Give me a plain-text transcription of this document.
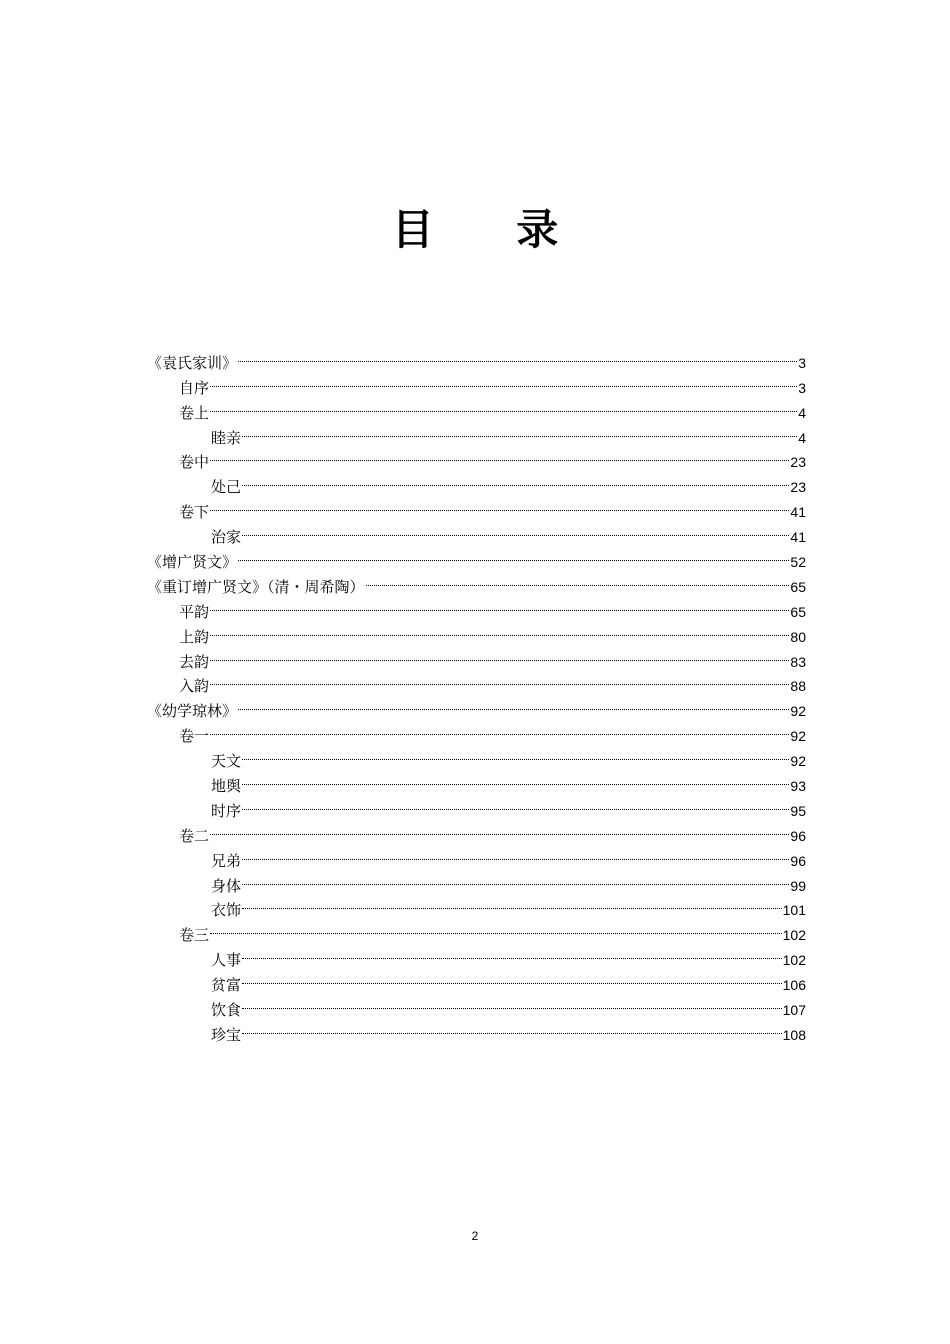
目 录
《袁氏家训》	3
自序	3
卷上	4
睦亲	4
卷中	23
处己	23
卷下	41
治家	41
《增广贤文》	52
《重订增广贤文》（清・周希陶）	65
平韵	65
上韵	80
去韵	83
入韵	88
《幼学琼林》	92
卷一	92
天文	92
地舆	93
时序	95
卷二	96
兄弟	96
身体	99
衣饰	101
卷三	102
人事	102
贫富	106
饮食	107
珍宝	108
2
